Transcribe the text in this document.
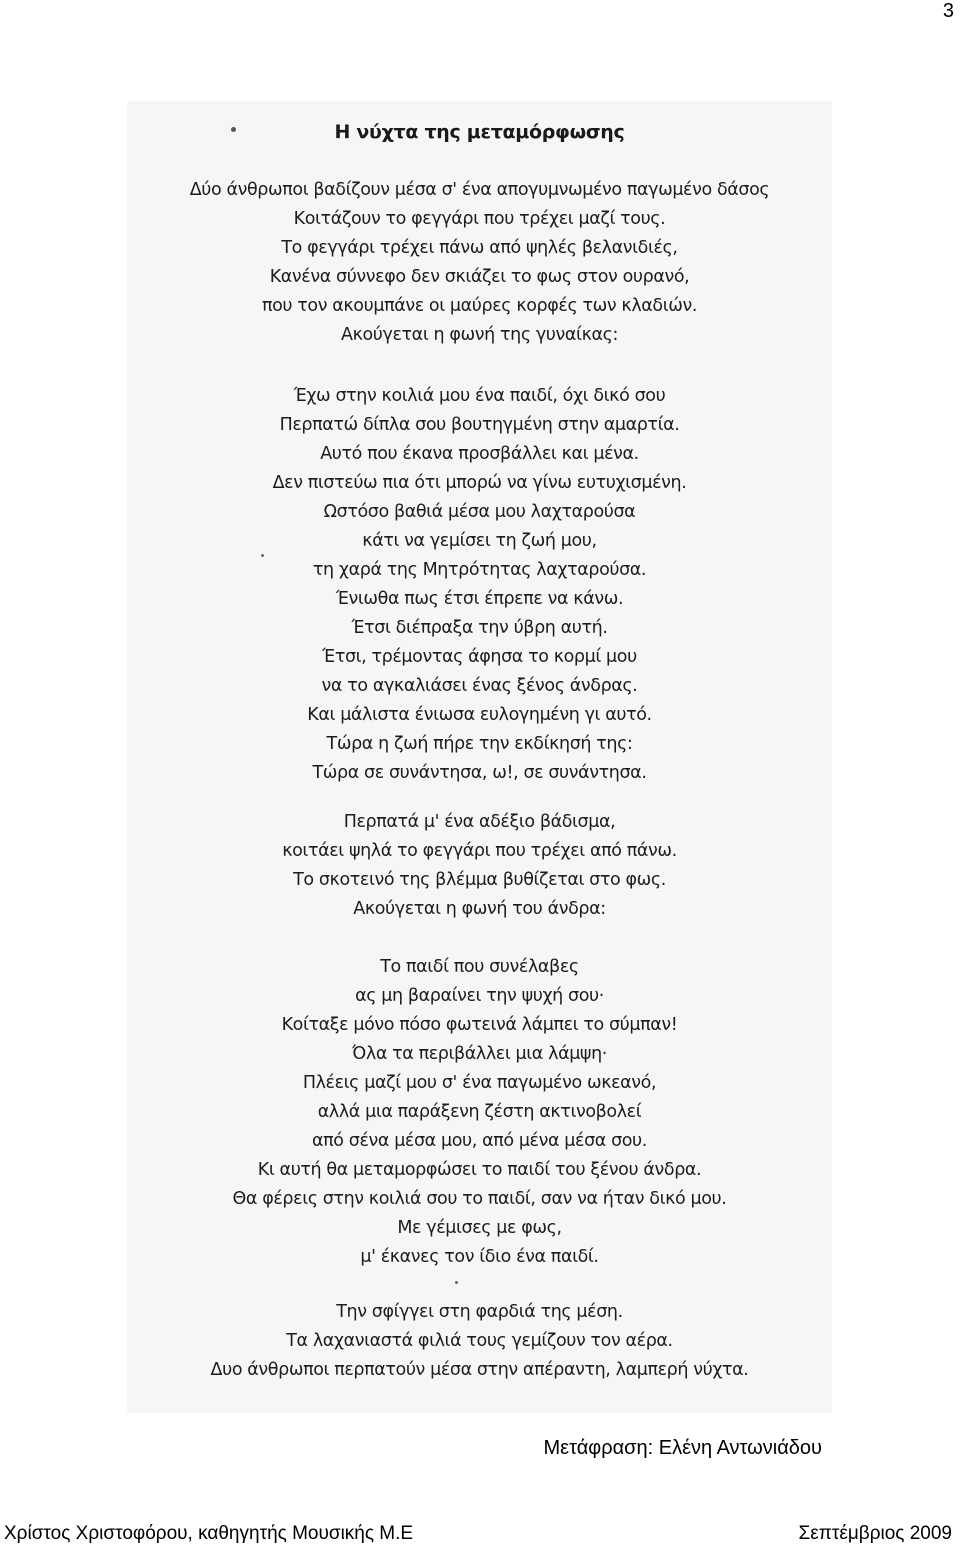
3
Η νύχτα της μεταμόρφωσης
Δύο άνθρωποι βαδίζουν μέσα σ' ένα απογυμνωμένο παγωμένο δάσος
Κοιτάζουν το φεγγάρι που τρέχει μαζί τους.
Το φεγγάρι τρέχει πάνω από ψηλές βελανιδιές,
Κανένα σύννεφο δεν σκιάζει το φως στον ουρανό,
που τον ακουμπάνε οι μαύρες κορφές των κλαδιών.
Ακούγεται η φωνή της γυναίκας:
Έχω στην κοιλιά μου ένα παιδί, όχι δικό σου
Περπατώ δίπλα σου βουτηγμένη στην αμαρτία.
Αυτό που έκανα προσβάλλει και μένα.
Δεν πιστεύω πια ότι μπορώ να γίνω ευτυχισμένη.
Ωστόσο βαθιά μέσα μου λαχταρούσα
κάτι να γεμίσει τη ζωή μου,
τη χαρά της Μητρότητας λαχταρούσα.
Ένιωθα πως έτσι έπρεπε να κάνω.
Έτσι διέπραξα την ύβρη αυτή.
Έτσι, τρέμοντας άφησα το κορμί μου
να το αγκαλιάσει ένας ξένος άνδρας.
Και μάλιστα ένιωσα ευλογημένη γι αυτό.
Τώρα η ζωή πήρε την εκδίκησή της:
Τώρα σε συνάντησα, ω!, σε συνάντησα.
Περπατά μ' ένα αδέξιο βάδισμα,
κοιτάει ψηλά το φεγγάρι που τρέχει από πάνω.
Το σκοτεινό της βλέμμα βυθίζεται στο φως.
Ακούγεται η φωνή του άνδρα:
Το παιδί που συνέλαβες
ας μη βαραίνει την ψυχή σου·
Κοίταξε μόνο πόσο φωτεινά λάμπει το σύμπαν!
Όλα τα περιβάλλει μια λάμψη·
Πλέεις μαζί μου σ' ένα παγωμένο ωκεανό,
αλλά μια παράξενη ζέστη ακτινοβολεί
από σένα μέσα μου, από μένα μέσα σου.
Κι αυτή θα μεταμορφώσει το παιδί του ξένου άνδρα.
Θα φέρεις στην κοιλιά σου το παιδί, σαν να ήταν δικό μου.
Με γέμισες με φως,
μ' έκανες τον ίδιο ένα παιδί.
Την σφίγγει στη φαρδιά της μέση.
Τα λαχανιαστά φιλιά τους γεμίζουν τον αέρα.
Δυο άνθρωποι περπατούν μέσα στην απέραντη, λαμπερή νύχτα.
Μετάφραση: Ελένη Αντωνιάδου
Χρίστος Χριστοφόρου, καθηγητής Μουσικής Μ.Ε	Σεπτέμβριος 2009
